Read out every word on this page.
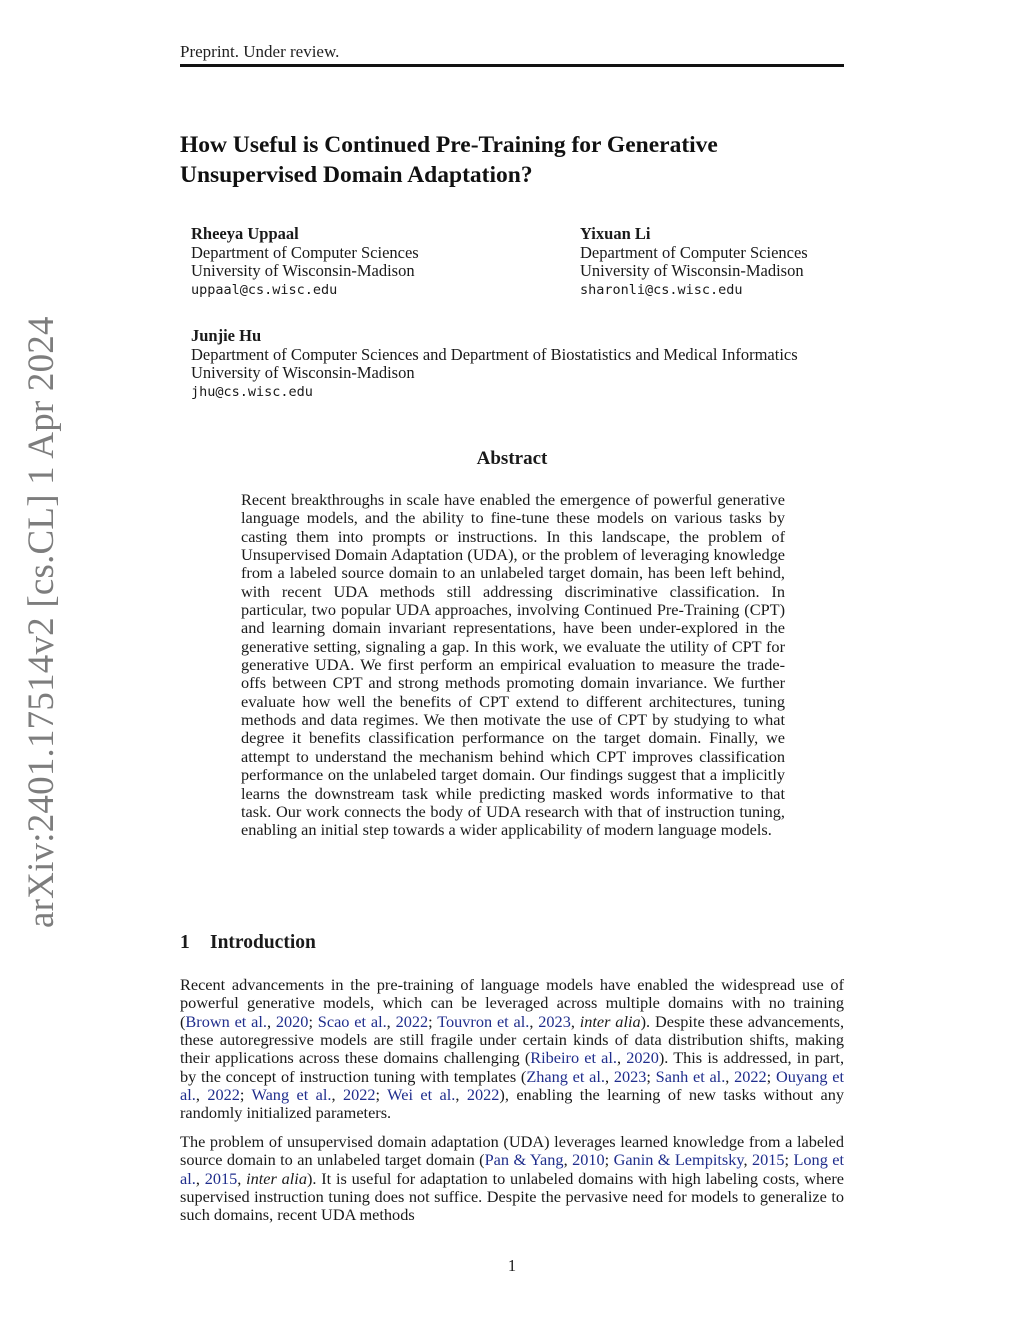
Preprint. Under review.
arXiv:2401.17514v2 [cs.CL] 1 Apr 2024
How Useful is Continued Pre-Training for Generative Unsupervised Domain Adaptation?
Rheeya Uppaal
Department of Computer Sciences
University of Wisconsin-Madison
uppaal@cs.wisc.edu
Yixuan Li
Department of Computer Sciences
University of Wisconsin-Madison
sharonli@cs.wisc.edu
Junjie Hu
Department of Computer Sciences and Department of Biostatistics and Medical Informatics
University of Wisconsin-Madison
jhu@cs.wisc.edu
Abstract

Recent breakthroughs in scale have enabled the emergence of powerful generative language models, and the ability to fine-tune these models on various tasks by casting them into prompts or instructions. In this landscape, the problem of Unsupervised Domain Adaptation (UDA), or the problem of leveraging knowledge from a labeled source domain to an unlabeled target domain, has been left behind, with recent UDA methods still addressing discriminative classification. In particular, two popular UDA approaches, involving Continued Pre-Training (CPT) and learning domain invariant representations, have been under-explored in the generative setting, signaling a gap. In this work, we evaluate the utility of CPT for generative UDA. We first perform an empirical evaluation to measure the trade-offs between CPT and strong methods promoting domain invariance. We further evaluate how well the benefits of CPT extend to different architectures, tuning methods and data regimes. We then motivate the use of CPT by studying to what degree it benefits classification performance on the target domain. Finally, we attempt to understand the mechanism behind which CPT improves classification performance on the unlabeled target domain. Our findings suggest that a implicitly learns the downstream task while predicting masked words informative to that task. Our work connects the body of UDA research with that of instruction tuning, enabling an initial step towards a wider applicability of modern language models.

1 Introduction

Recent advancements in the pre-training of language models have enabled the widespread use of powerful generative models, which can be leveraged across multiple domains with no training (Brown et al., 2020; Scao et al., 2022; Touvron et al., 2023, inter alia). Despite these advancements, these autoregressive models are still fragile under certain kinds of data distribution shifts, making their applications across these domains challenging (Ribeiro et al., 2020). This is addressed, in part, by the concept of instruction tuning with templates (Zhang et al., 2023; Sanh et al., 2022; Ouyang et al., 2022; Wang et al., 2022; Wei et al., 2022), enabling the learning of new tasks without any randomly initialized parameters.

The problem of unsupervised domain adaptation (UDA) leverages learned knowledge from a labeled source domain to an unlabeled target domain (Pan & Yang, 2010; Ganin & Lempitsky, 2015; Long et al., 2015, inter alia). It is useful for adaptation to unlabeled domains with high labeling costs, where supervised instruction tuning does not suffice. Despite the pervasive need for models to generalize to such domains, recent UDA methods

1
